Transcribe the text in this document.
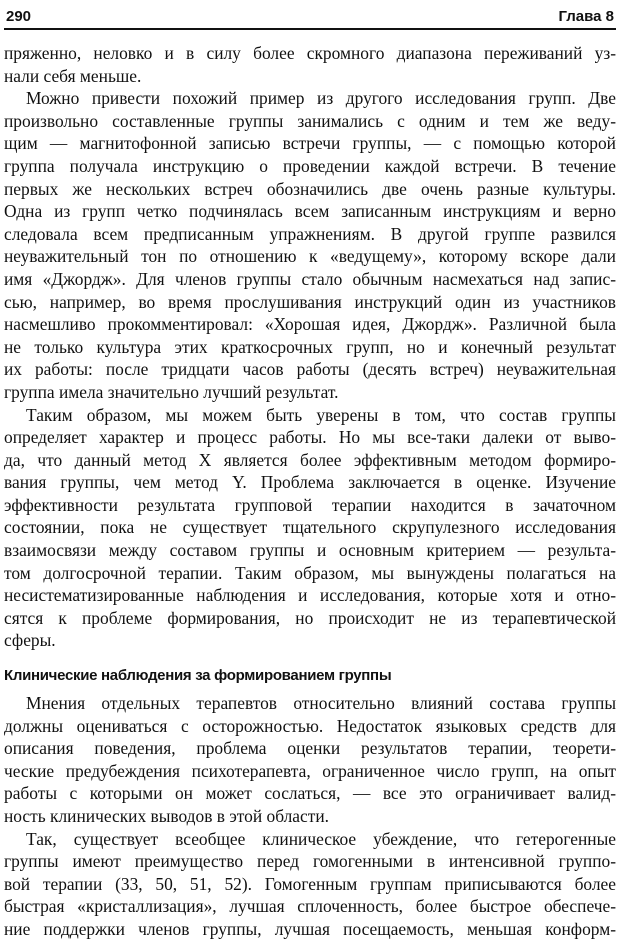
290	Глава 8
пряженно, неловко и в силу более скромного диапазона переживаний уз-
нали себя меньше.
Можно привести похожий пример из другого исследования групп. Две
произвольно составленные группы занимались с одним и тем же веду-
щим — магнитофонной записью встречи группы, — с помощью которой
группа получала инструкцию о проведении каждой встречи. В течение
первых же нескольких встреч обозначились две очень разные культуры.
Одна из групп четко подчинялась всем записанным инструкциям и верно
следовала всем предписанным упражнениям. В другой группе развился
неуважительный тон по отношению к «ведущему», которому вскоре дали
имя «Джордж». Для членов группы стало обычным насмехаться над запис-
сью, например, во время прослушивания инструкций один из участников
насмешливо прокомментировал: «Хорошая идея, Джордж». Различной была
не только культура этих краткосрочных групп, но и конечный результат
их работы: после тридцати часов работы (десять встреч) неуважительная
группа имела значительно лучший результат.
Таким образом, мы можем быть уверены в том, что состав группы
определяет характер и процесс работы. Но мы все-таки далеки от выво-
да, что данный метод X является более эффективным методом формиро-
вания группы, чем метод Y. Проблема заключается в оценке. Изучение
эффективности результата групповой терапии находится в зачаточном
состоянии, пока не существует тщательного скрупулезного исследования
взаимосвязи между составом группы и основным критерием — результа-
том долгосрочной терапии. Таким образом, мы вынуждены полагаться на
несистематизированные наблюдения и исследования, которые хотя и отно-
сятся к проблеме формирования, но происходит не из терапевтической
сферы.
Клинические наблюдения за формированием группы
Мнения отдельных терапевтов относительно влияний состава группы
должны оцениваться с осторожностью. Недостаток языковых средств для
описания поведения, проблема оценки результатов терапии, теорети-
ческие предубеждения психотерапевта, ограниченное число групп, на опыт
работы с которыми он может сослаться, — все это ограничивает валид-
ность клинических выводов в этой области.
Так, существует всеобщее клиническое убеждение, что гетерогенные
группы имеют преимущество перед гомогенными в интенсивной группо-
вой терапии (33, 50, 51, 52). Гомогенным группам приписываются более
быстрая «кристаллизация», лучшая сплоченность, более быстрое обеспече-
ние поддержки членов группы, лучшая посещаемость, меньшая конформ-
